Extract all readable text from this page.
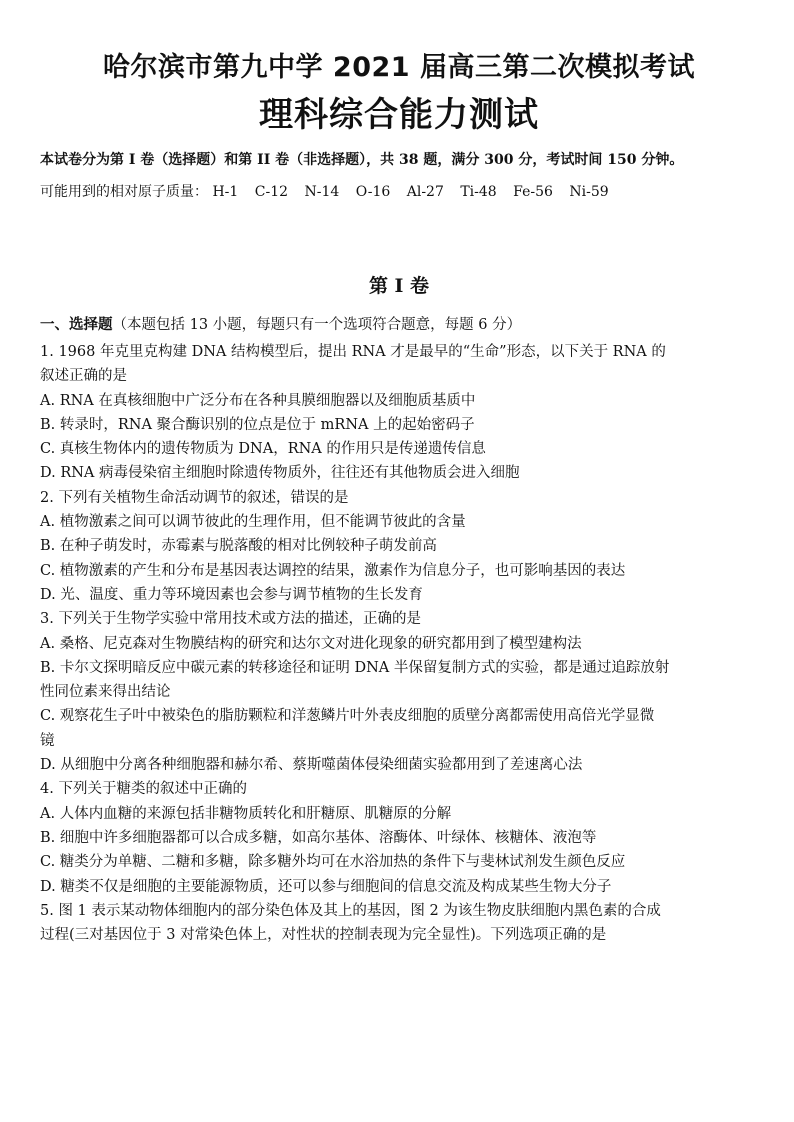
哈尔滨市第九中学 2021 届高三第二次模拟考试
理科综合能力测试

本试卷分为第 I 卷（选择题）和第 II 卷（非选择题），共 38 题，满分 300 分，考试时间 150 分钟。

可能用到的相对原子质量： H-1 C-12 N-14 O-16 Al-27 Ti-48 Fe-56 Ni-59

第 I 卷

一、选择题（本题包括 13 小题，每题只有一个选项符合题意，每题 6 分）

1. 1968 年克里克构建 DNA 结构模型后，提出 RNA 才是最早的“生命”形态，以下关于 RNA 的

叙述正确的是

A. RNA 在真核细胞中广泛分布在各种具膜细胞器以及细胞质基质中

B. 转录时，RNA 聚合酶识别的位点是位于 mRNA 上的起始密码子

C. 真核生物体内的遗传物质为 DNA，RNA 的作用只是传递遗传信息

D. RNA 病毒侵染宿主细胞时除遗传物质外，往往还有其他物质会进入细胞

2. 下列有关植物生命活动调节的叙述，错误的是

A. 植物激素之间可以调节彼此的生理作用，但不能调节彼此的含量

B. 在种子萌发时，赤霉素与脱落酸的相对比例较种子萌发前高

C. 植物激素的产生和分布是基因表达调控的结果，激素作为信息分子，也可影响基因的表达

D. 光、温度、重力等环境因素也会参与调节植物的生长发育

3. 下列关于生物学实验中常用技术或方法的描述，正确的是

A. 桑格、尼克森对生物膜结构的研究和达尔文对进化现象的研究都用到了模型建构法

B. 卡尔文探明暗反应中碳元素的转移途径和证明 DNA 半保留复制方式的实验，都是通过追踪放射

性同位素来得出结论

C. 观察花生子叶中被染色的脂肪颗粒和洋葱鳞片叶外表皮细胞的质壁分离都需使用高倍光学显微

镜

D. 从细胞中分离各种细胞器和赫尔希、蔡斯噬菌体侵染细菌实验都用到了差速离心法

4. 下列关于糖类的叙述中正确的

A. 人体内血糖的来源包括非糖物质转化和肝糖原、肌糖原的分解

B. 细胞中许多细胞器都可以合成多糖，如高尔基体、溶酶体、叶绿体、核糖体、液泡等

C. 糖类分为单糖、二糖和多糖，除多糖外均可在水浴加热的条件下与斐林试剂发生颜色反应

D. 糖类不仅是细胞的主要能源物质，还可以参与细胞间的信息交流及构成某些生物大分子

5. 图 1 表示某动物体细胞内的部分染色体及其上的基因，图 2 为该生物皮肤细胞内黑色素的合成

过程(三对基因位于 3 对常染色体上，对性状的控制表现为完全显性)。下列选项正确的是
